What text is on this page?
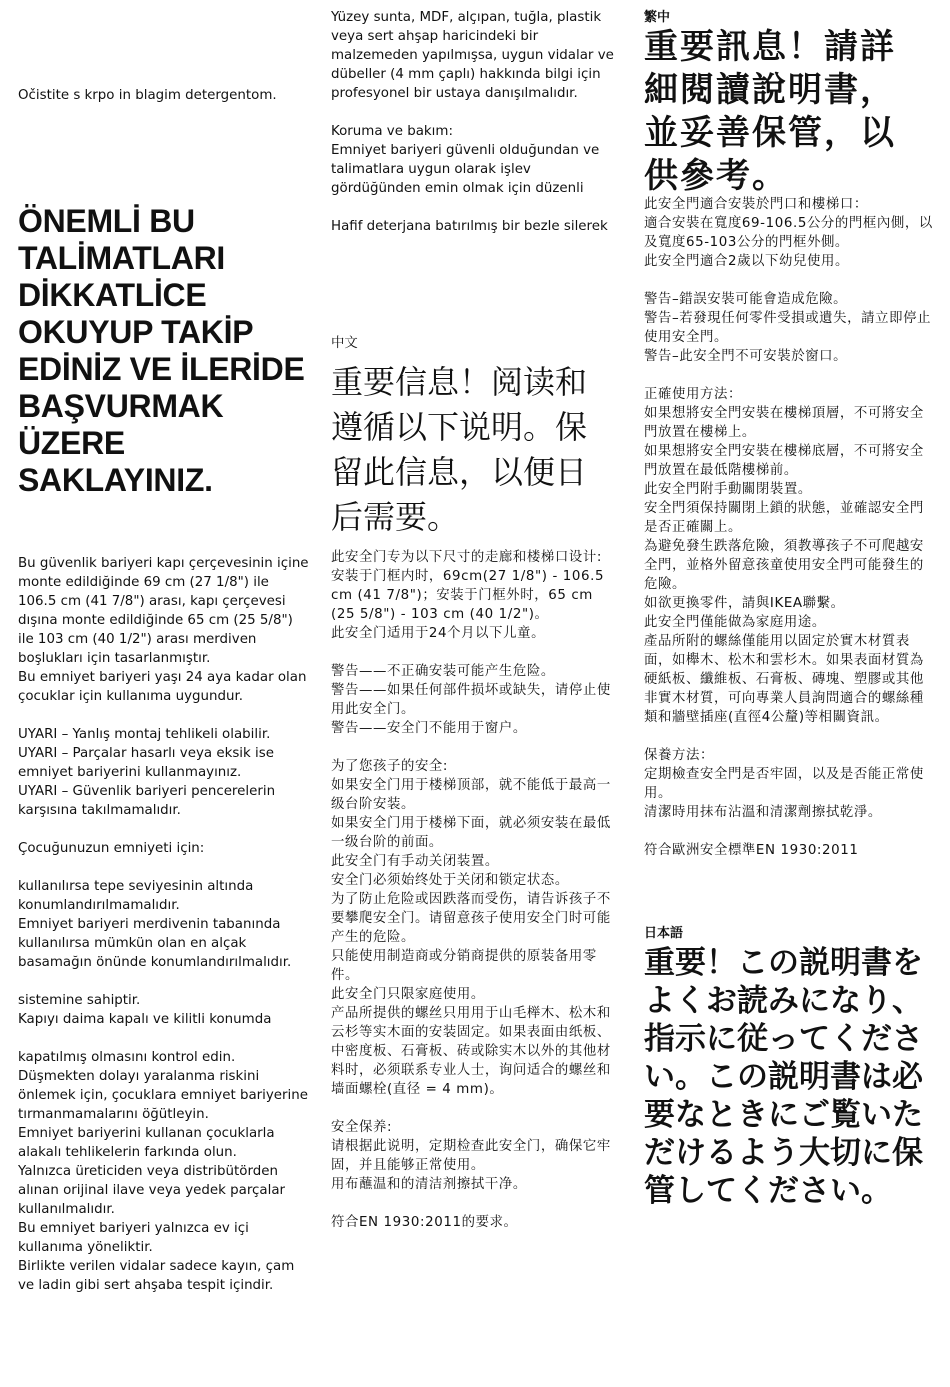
Očistite s krpo in blagim detergentom.

ÖNEMLİ BU TALİMATLARI DİKKATLİCE OKUYUP TAKİP EDİNİZ VE İLERİDE BAŞVURMAK ÜZERE SAKLAYINIZ.

Bu güvenlik bariyeri kapı çerçevesinin içine monte edildiğinde 69 cm (27 1/8") ile 106.5 cm (41 7/8") arası, kapı çerçevesi dışına monte edildiğinde 65 cm (25 5/8") ile 103 cm (40 1/2") arası merdiven boşlukları için tasarlanmıştır.
Bu emniyet bariyeri yaşı 24 aya kadar olan çocuklar için kullanıma uygundur.

UYARI – Yanlış montaj tehlikeli olabilir.
UYARI – Parçalar hasarlı veya eksik ise emniyet bariyerini kullanmayınız.
UYARI – Güvenlik bariyeri pencerelerin karşısına takılmamalıdır.

Çocuğunuzun emniyeti için:

kullanılırsa tepe seviyesinin altında konumlandırılmamalıdır.
Emniyet bariyeri merdivenin tabanında kullanılırsa mümkün olan en alçak basamağın önünde konumlandırılmalıdır.

sistemine sahiptir.
Kapıyı daima kapalı ve kilitli konumda

kapatılmış olmasını kontrol edin.
Düşmekten dolayı yaralanma riskini önlemek için, çocuklara emniyet bariyerine tırmanmamalarını öğütleyin.
Emniyet bariyerini kullanan çocuklarla alakalı tehlikelerin farkında olun.
Yalnızca üreticiden veya distribütörden alınan orijinal ilave veya yedek parçalar kullanılmalıdır.
Bu emniyet bariyeri yalnızca ev içi kullanıma yöneliktir.
Birlikte verilen vidalar sadece kayın, çam ve ladin gibi sert ahşaba tespit içindir.

Yüzey sunta, MDF, alçıpan, tuğla, plastik veya sert ahşap haricindeki bir malzemeden yapılmışsa, uygun vidalar ve dübeller (4 mm çaplı) hakkında bilgi için profesyonel bir ustaya danışılmalıdır.

Koruma ve bakım:
Emniyet bariyeri güvenli olduğundan ve talimatlara uygun olarak işlev gördüğünden emin olmak için düzenli

Hafif deterjana batırılmış bir bezle silerek

中文

重要信息！阅读和遵循以下说明。保留此信息，以便日后需要。

此安全门专为以下尺寸的走廊和楼梯口设计:
安装于门框内时，69cm(27 1/8") - 106.5 cm (41 7/8")；安装于门框外时，65 cm (25 5/8") - 103 cm (40 1/2")。
此安全门适用于24个月以下儿童。

警告——不正确安装可能产生危险。
警告——如果任何部件损坏或缺失，请停止使用此安全门。
警告——安全门不能用于窗户。

为了您孩子的安全:
如果安全门用于楼梯顶部，就不能低于最高一级台阶安装。
如果安全门用于楼梯下面，就必须安装在最低一级台阶的前面。
此安全门有手动关闭装置。
安全门必须始终处于关闭和锁定状态。
为了防止危险或因跌落而受伤，请告诉孩子不要攀爬安全门。请留意孩子使用安全门时可能产生的危险。
只能使用制造商或分销商提供的原装备用零件。
此安全门只限家庭使用。
产品所提供的螺丝只用用于山毛榉木、松木和云杉等实木面的安装固定。如果表面由纸板、中密度板、石膏板、砖或除实木以外的其他材料时，必须联系专业人士，询问适合的螺丝和墙面螺栓(直径 = 4 mm)。

安全保养:
请根据此说明，定期检查此安全门，确保它牢固，并且能够正常使用。
用布蘸温和的清洁剂擦拭干净。

符合EN 1930:2011的要求。

繁中

重要訊息！請詳細閱讀說明書，並妥善保管，以供參考。

此安全門適合安裝於門口和樓梯口：
適合安裝在寬度69-106.5公分的門框內側，以及寬度65-103公分的門框外側。
此安全門適合2歲以下幼兒使用。

警告–錯誤安裝可能會造成危險。
警告–若發現任何零件受損或遺失，請立即停止使用安全門。
警告–此安全門不可安裝於窗口。

正確使用方法：
如果想將安全門安裝在樓梯頂層，不可將安全門放置在樓梯上。
如果想將安全門安裝在樓梯底層，不可將安全門放置在最低階樓梯前。
此安全門附手動關閉裝置。
安全門須保持關閉上鎖的狀態，並確認安全門是否正確關上。
為避免發生跌落危險，須教導孩子不可爬越安全門，並格外留意孩童使用安全門可能發生的危險。
如欲更換零件，請與IKEA聯繫。
此安全門僅能做為家庭用途。
產品所附的螺絲僅能用以固定於實木材質表面，如櫸木、松木和雲杉木。如果表面材質為硬紙板、纖維板、石膏板、磚塊、塑膠或其他非實木材質，可向專業人員詢問適合的螺絲種類和牆壁插座(直徑4公釐)等相關資訊。

保養方法：
定期檢查安全門是否牢固，以及是否能正常使用。
清潔時用抹布沾溫和清潔劑擦拭乾淨。

符合歐洲安全標準EN 1930:2011

日本語

重要！この説明書をよくお読みになり、指示に従ってください。この説明書は必要なときにご覧いただけるよう大切に保管してください。
